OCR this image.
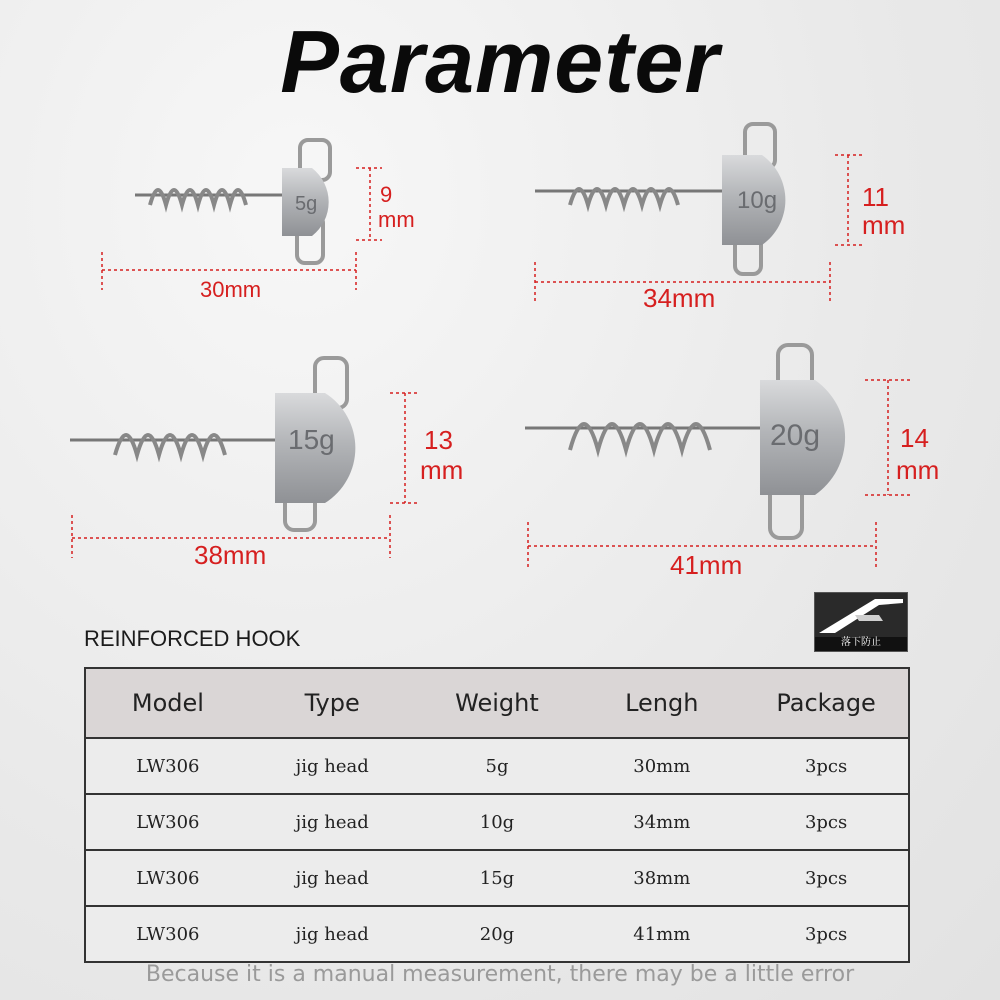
Parameter
5g	10g
15g	20g
9
mm
30mm
11
mm
34mm
13
mm
38mm
14
mm
41mm
落下防止
REINFORCED HOOK
Model	Type	Weight	Lengh	Package
LW306	jig head	5g	30mm	3pcs
LW306	jig head	10g	34mm	3pcs
LW306	jig head	15g	38mm	3pcs
LW306	jig head	20g	41mm	3pcs
Because it is a manual measurement, there may be a little error
